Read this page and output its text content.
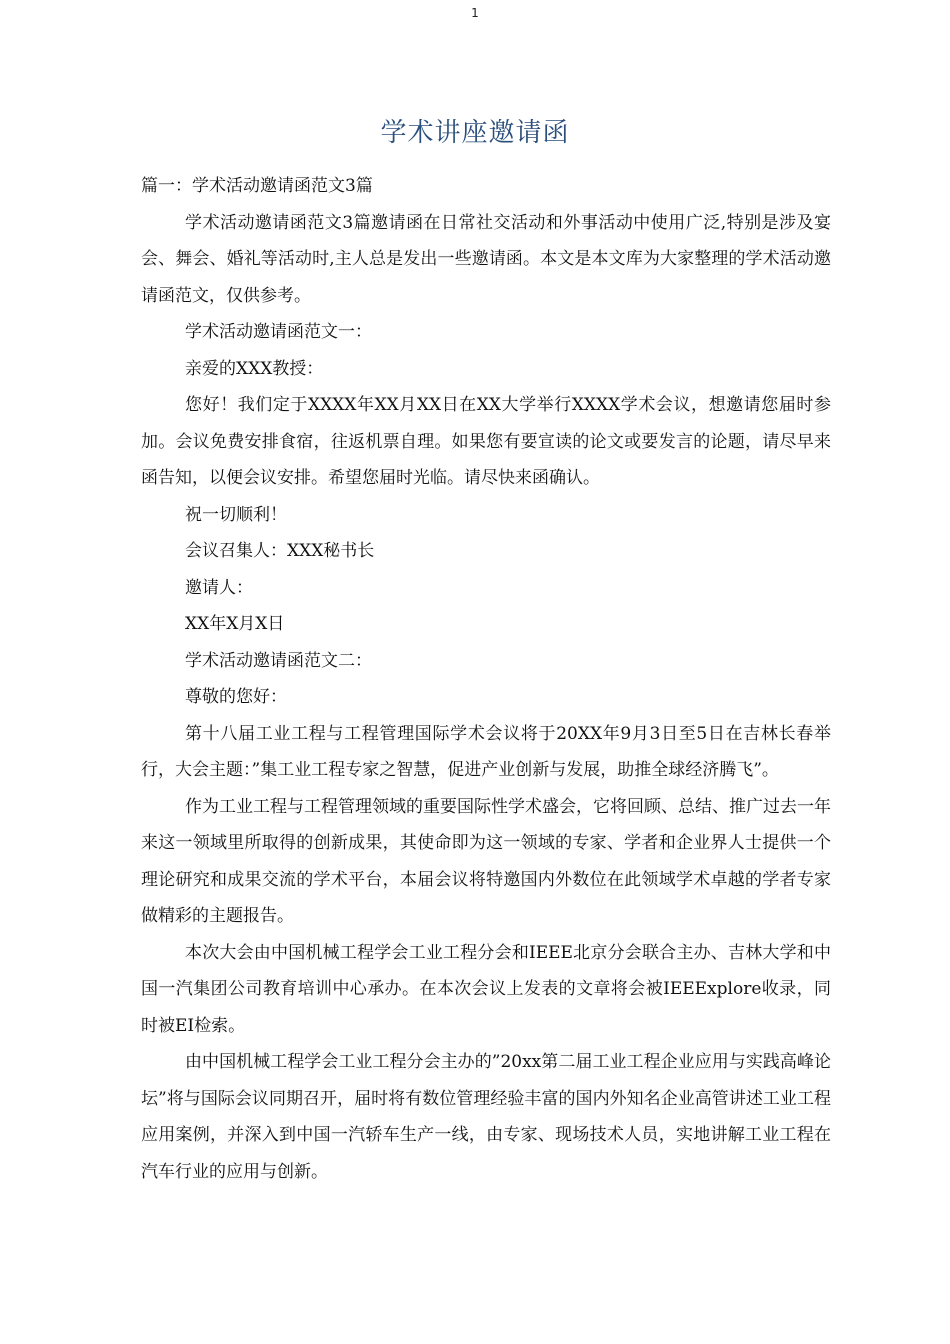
1
学术讲座邀请函

篇一：学术活动邀请函范文3篇

学术活动邀请函范文3篇邀请函在日常社交活动和外事活动中使用广泛,特别是涉及宴会、舞会、婚礼等活动时,主人总是发出一些邀请函。本文是本文库为大家整理的学术活动邀请函范文，仅供参考。

学术活动邀请函范文一：

亲爱的XXX教授：

您好！我们定于XXXX年XX月XX日在XX大学举行XXXX学术会议，想邀请您届时参加。会议免费安排食宿，往返机票自理。如果您有要宣读的论文或要发言的论题，请尽早来函告知，以便会议安排。希望您届时光临。请尽快来函确认。

祝一切顺利！

会议召集人：XXX秘书长

邀请人：

XX年X月X日

学术活动邀请函范文二：

尊敬的您好：

第十八届工业工程与工程管理国际学术会议将于20XX年9月3日至5日在吉林长春举行，大会主题：”集工业工程专家之智慧，促进产业创新与发展，助推全球经济腾飞”。

作为工业工程与工程管理领域的重要国际性学术盛会，它将回顾、总结、推广过去一年来这一领域里所取得的创新成果，其使命即为这一领域的专家、学者和企业界人士提供一个理论研究和成果交流的学术平台，本届会议将特邀国内外数位在此领域学术卓越的学者专家做精彩的主题报告。

本次大会由中国机械工程学会工业工程分会和IEEE北京分会联合主办、吉林大学和中国一汽集团公司教育培训中心承办。在本次会议上发表的文章将会被IEEExplore收录，同时被EI检索。

由中国机械工程学会工业工程分会主办的”20xx第二届工业工程企业应用与实践高峰论坛”将与国际会议同期召开，届时将有数位管理经验丰富的国内外知名企业高管讲述工业工程应用案例，并深入到中国一汽轿车生产一线，由专家、现场技术人员，实地讲解工业工程在汽车行业的应用与创新。
